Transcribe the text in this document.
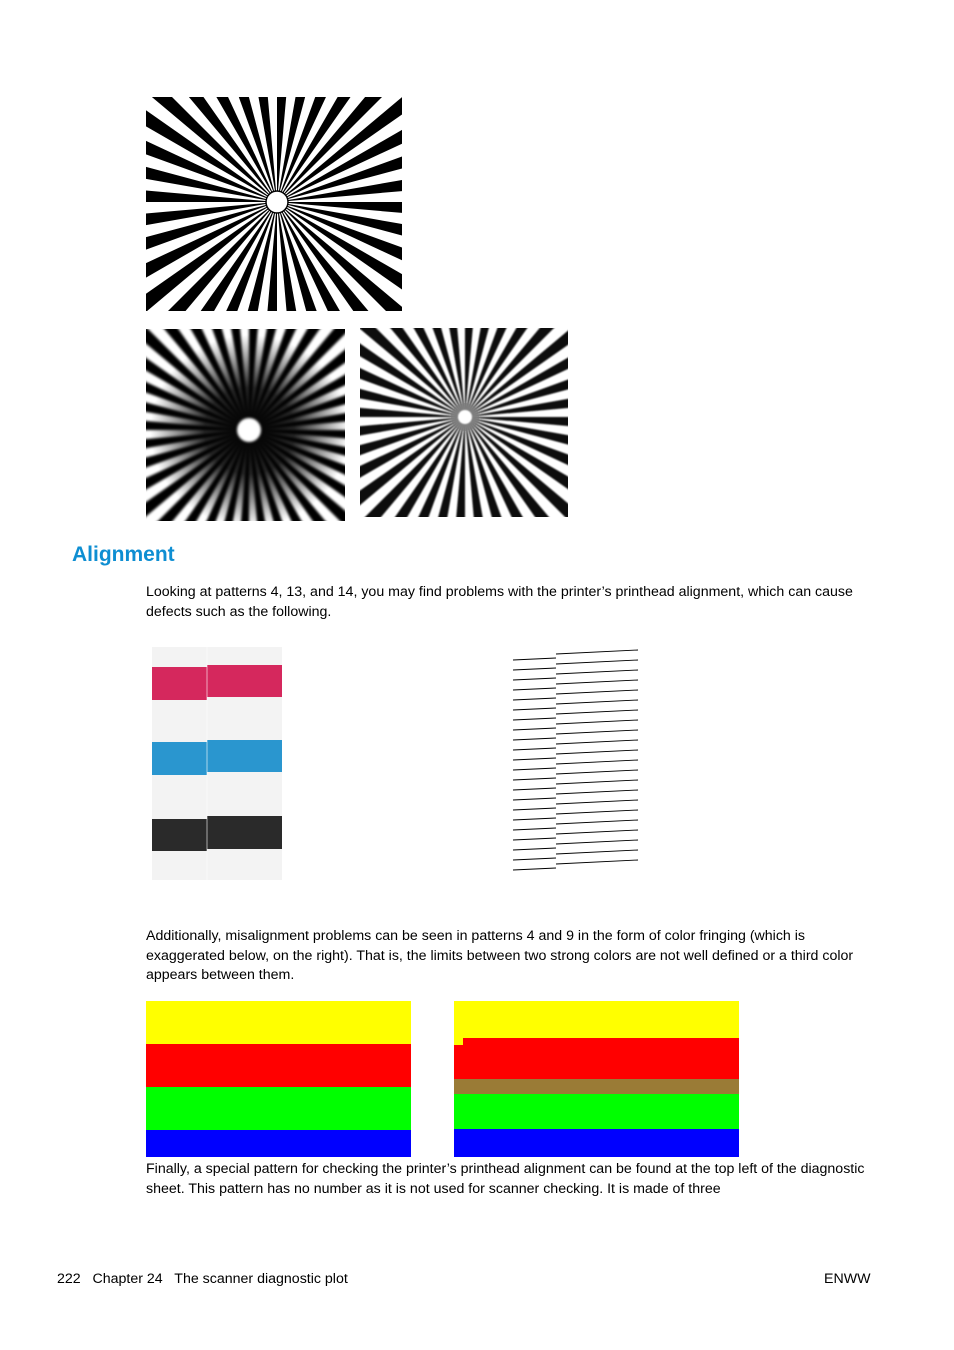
Alignment
Looking at patterns 4, 13, and 14, you may find problems with the printer’s printhead alignment, which can cause defects such as the following.
Additionally, misalignment problems can be seen in patterns 4 and 9 in the form of color fringing (which is exaggerated below, on the right). That is, the limits between two strong colors are not well defined or a third color appears between them.
Finally, a special pattern for checking the printer’s printhead alignment can be found at the top left of the diagnostic sheet. This pattern has no number as it is not used for scanner checking. It is made of three
222 Chapter 24 The scanner diagnostic plot	ENWW
